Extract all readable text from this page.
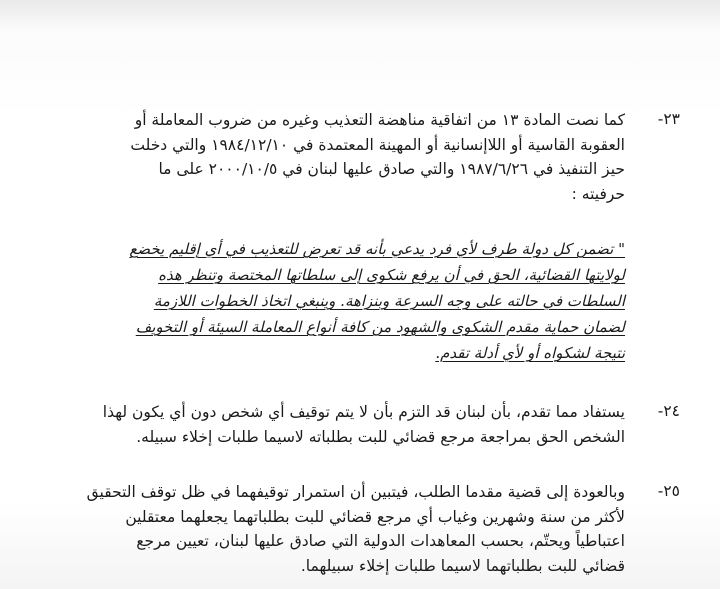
٢٣-
كما نصت المادة ١٣ من اتفاقية مناهضة التعذيب وغيره من ضروب المعاملة أو
العقوبة القاسية أو اللاإنسانية أو المهينة المعتمدة في ١٩٨٤/١٢/١٠ والتي دخلت
حيز التنفيذ في ١٩٨٧/٦/٢٦ والتي صادق عليها لبنان في ٢٠٠٠/١٠/٥ على ما
حرفيته :
" تضمن كل دولة طرف لأي فرد يدعي بأنه قد تعرض للتعذيب في أي إقليم يخضع
لولايتها القضائية، الحق في أن يرفع شكوى إلى سلطاتها المختصة وتنظر هذه
السلطات في حالته على وجه السرعة وبنزاهة. وينبغي اتخاذ الخطوات اللازمة
لضمان حماية مقدم الشكوى والشهود من كافة أنواع المعاملة السيئة أو التخويف
نتيجة لشكواه أو لأي أدلة تقدم.
٢٤-
يستفاد مما تقدم، بأن لبنان قد التزم بأن لا يتم توقيف أي شخص دون أي يكون لهذا
الشخص الحق بمراجعة مرجع قضائي للبت بطلباته لاسيما طلبات إخلاء سبيله.
٢٥-
وبالعودة إلى قضية مقدما الطلب، فيتبين أن استمرار توقيفهما في ظل توقف التحقيق
لأكثر من سنة وشهرين وغياب أي مرجع قضائي للبت بطلباتهما يجعلهما معتقلين
اعتباطياً ويحتّم، بحسب المعاهدات الدولية التي صادق عليها لبنان، تعيين مرجع
قضائي للبت بطلباتهما لاسيما طلبات إخلاء سبيلهما.
